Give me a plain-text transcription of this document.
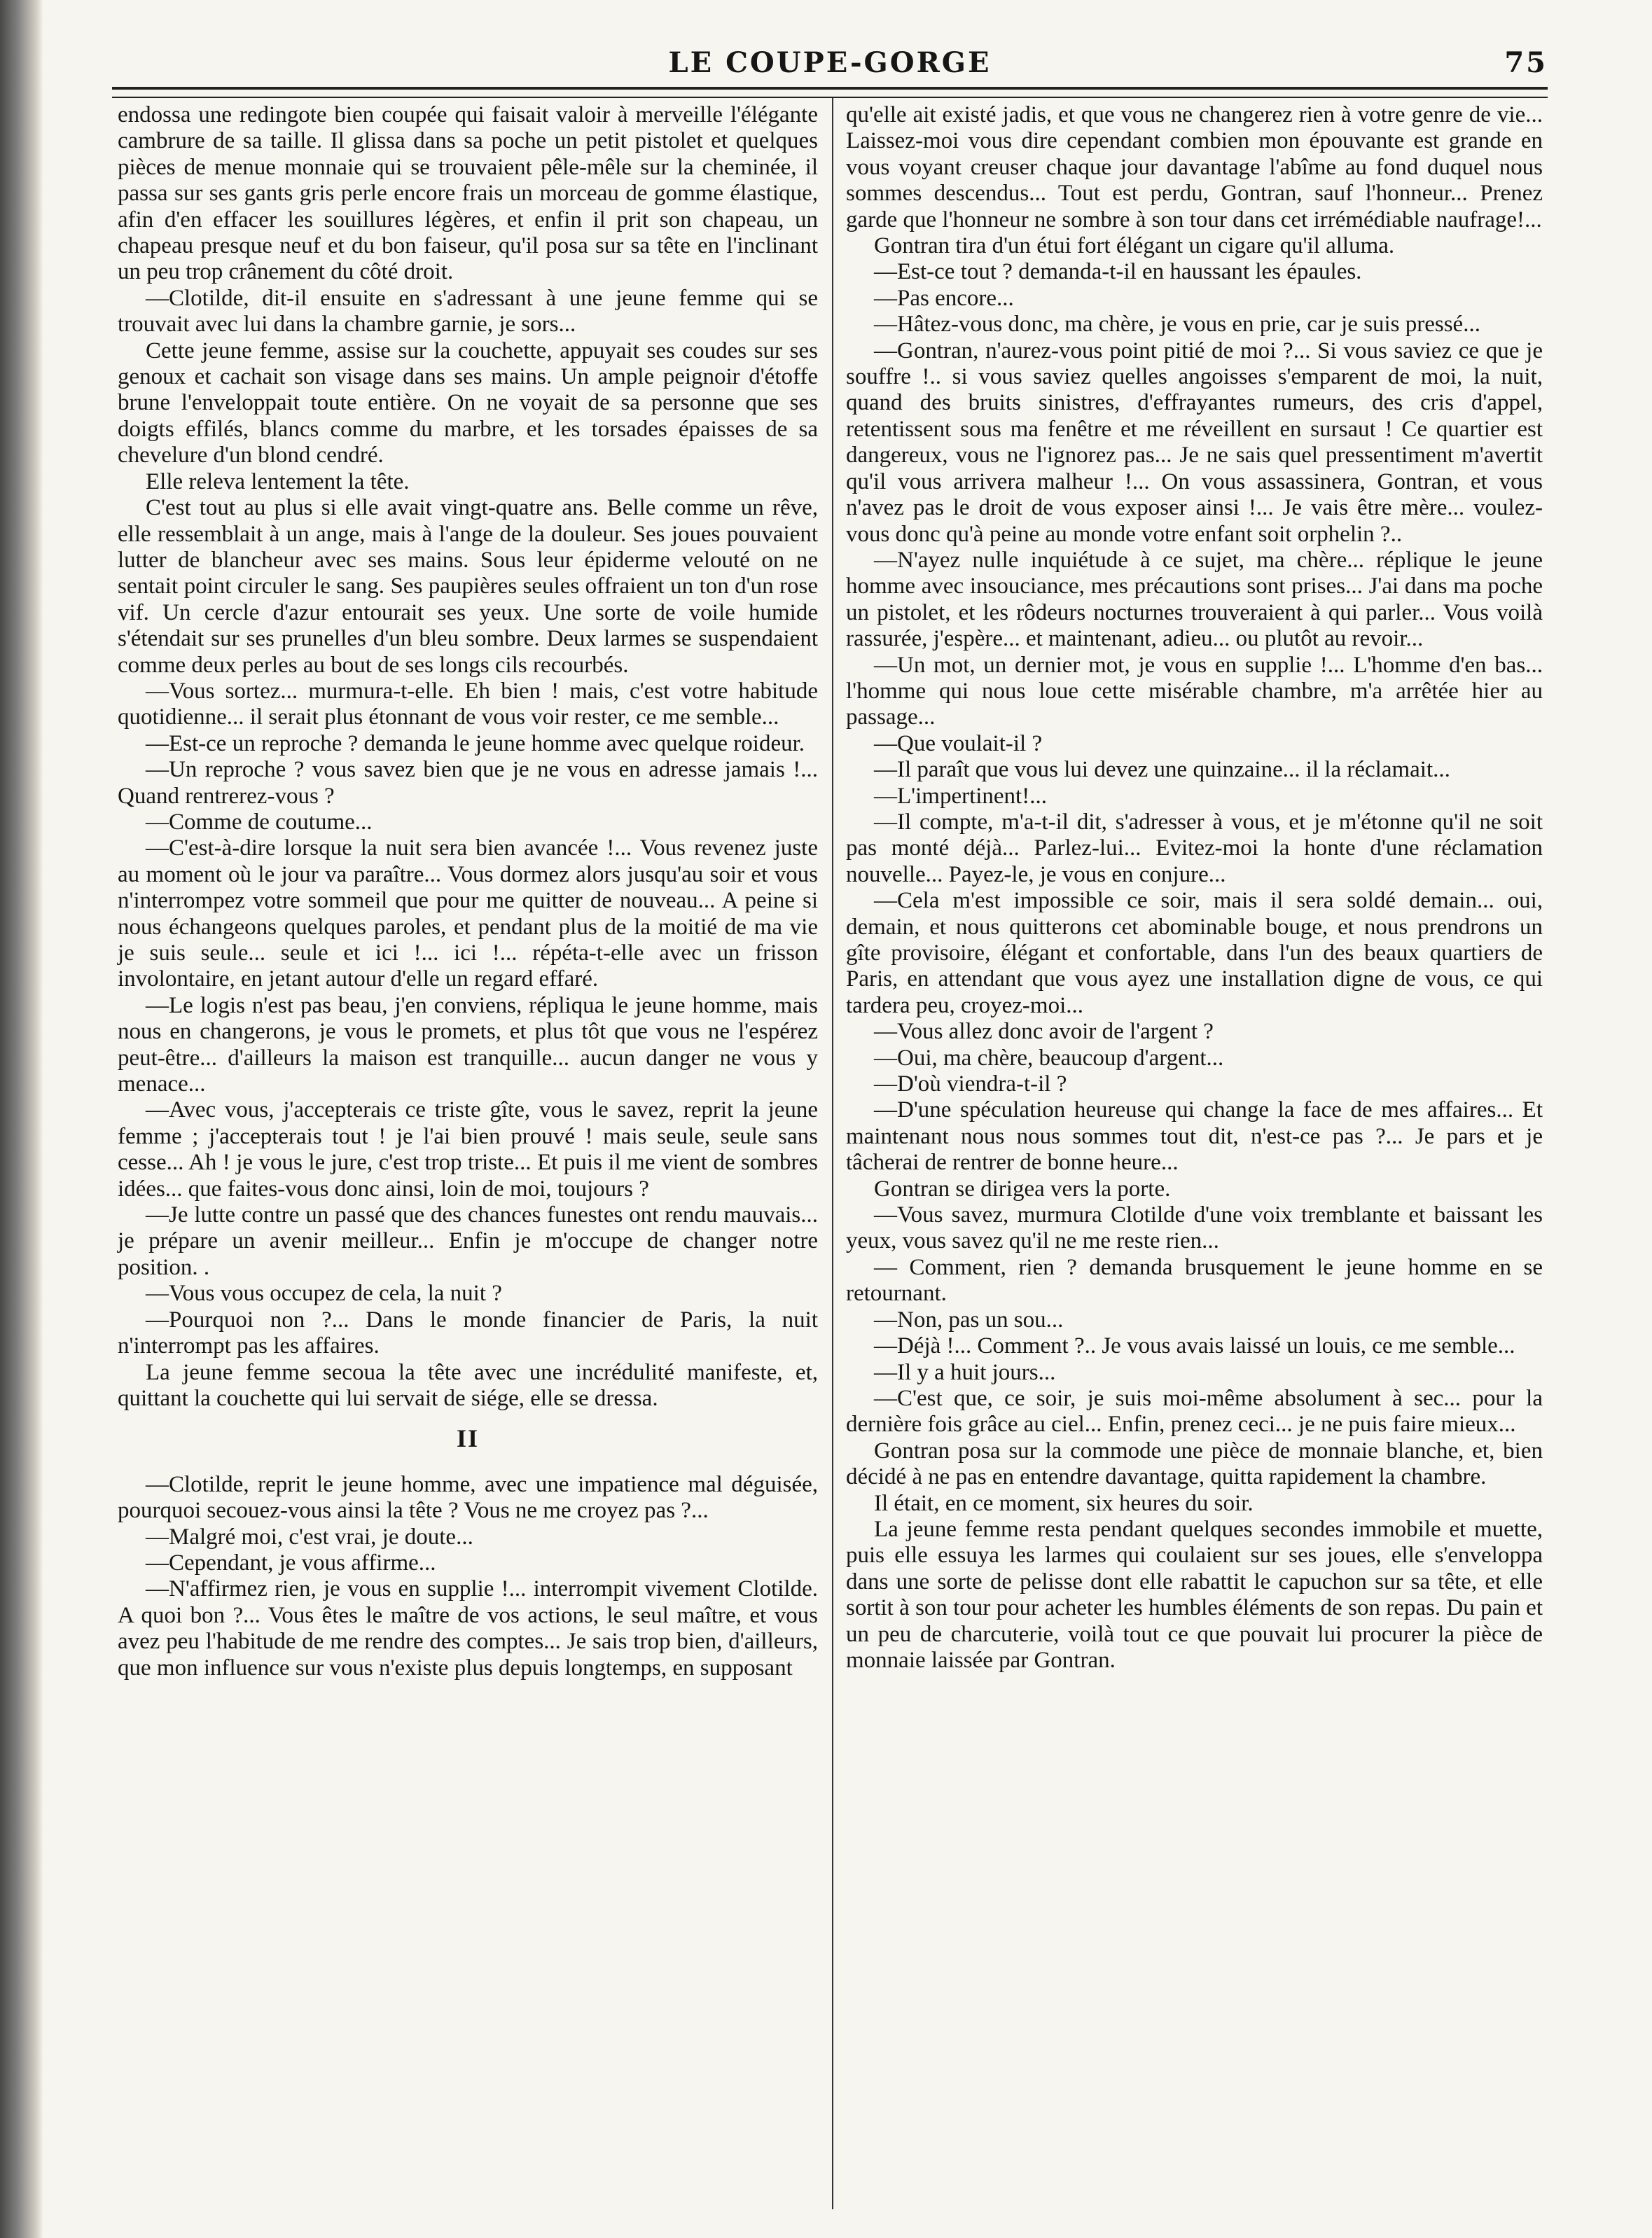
LE COUPE-GORGE	75

endossa une redingote bien coupée qui faisait valoir à merveille l'élégante cambrure de sa taille. Il glissa dans sa poche un petit pistolet et quelques pièces de menue monnaie qui se trouvaient pêle-mêle sur la cheminée, il passa sur ses gants gris perle encore frais un morceau de gomme élastique, afin d'en effacer les souillures légères, et enfin il prit son chapeau, un chapeau presque neuf et du bon faiseur, qu'il posa sur sa tête en l'inclinant un peu trop crânement du côté droit.

—Clotilde, dit-il ensuite en s'adressant à une jeune femme qui se trouvait avec lui dans la chambre garnie, je sors...

Cette jeune femme, assise sur la couchette, appuyait ses coudes sur ses genoux et cachait son visage dans ses mains. Un ample peignoir d'étoffe brune l'enveloppait toute entière. On ne voyait de sa personne que ses doigts effilés, blancs comme du marbre, et les torsades épaisses de sa chevelure d'un blond cendré.

Elle releva lentement la tête.

C'est tout au plus si elle avait vingt-quatre ans. Belle comme un rêve, elle ressemblait à un ange, mais à l'ange de la douleur. Ses joues pouvaient lutter de blancheur avec ses mains. Sous leur épiderme velouté on ne sentait point circuler le sang. Ses paupières seules offraient un ton d'un rose vif. Un cercle d'azur entourait ses yeux. Une sorte de voile humide s'étendait sur ses prunelles d'un bleu sombre. Deux larmes se suspendaient comme deux perles au bout de ses longs cils recourbés.

—Vous sortez... murmura-t-elle. Eh bien ! mais, c'est votre habitude quotidienne... il serait plus étonnant de vous voir rester, ce me semble...

—Est-ce un reproche ? demanda le jeune homme avec quelque roideur.

—Un reproche ? vous savez bien que je ne vous en adresse jamais !... Quand rentrerez-vous ?

—Comme de coutume...

—C'est-à-dire lorsque la nuit sera bien avancée !... Vous revenez juste au moment où le jour va paraître... Vous dormez alors jusqu'au soir et vous n'interrompez votre sommeil que pour me quitter de nouveau... A peine si nous échangeons quelques paroles, et pendant plus de la moitié de ma vie je suis seule... seule et ici !... ici !... répéta-t-elle avec un frisson involontaire, en jetant autour d'elle un regard effaré.

—Le logis n'est pas beau, j'en conviens, répliqua le jeune homme, mais nous en changerons, je vous le promets, et plus tôt que vous ne l'espérez peut-être... d'ailleurs la maison est tranquille... aucun danger ne vous y menace...

—Avec vous, j'accepterais ce triste gîte, vous le savez, reprit la jeune femme ; j'accepterais tout ! je l'ai bien prouvé ! mais seule, seule sans cesse... Ah ! je vous le jure, c'est trop triste... Et puis il me vient de sombres idées... que faites-vous donc ainsi, loin de moi, toujours ?

—Je lutte contre un passé que des chances funestes ont rendu mauvais... je prépare un avenir meilleur... Enfin je m'occupe de changer notre position. .

—Vous vous occupez de cela, la nuit ?

—Pourquoi non ?... Dans le monde financier de Paris, la nuit n'interrompt pas les affaires.

La jeune femme secoua la tête avec une incrédulité manifeste, et, quittant la couchette qui lui servait de siége, elle se dressa.

II

—Clotilde, reprit le jeune homme, avec une impatience mal déguisée, pourquoi secouez-vous ainsi la tête ? Vous ne me croyez pas ?...

—Malgré moi, c'est vrai, je doute...

—Cependant, je vous affirme...

—N'affirmez rien, je vous en supplie !... interrompit vivement Clotilde. A quoi bon ?... Vous êtes le maître de vos actions, le seul maître, et vous avez peu l'habitude de me rendre des comptes... Je sais trop bien, d'ailleurs, que mon influence sur vous n'existe plus depuis longtemps, en supposant

qu'elle ait existé jadis, et que vous ne changerez rien à votre genre de vie... Laissez-moi vous dire cependant combien mon épouvante est grande en vous voyant creuser chaque jour davantage l'abîme au fond duquel nous sommes descendus... Tout est perdu, Gontran, sauf l'honneur... Prenez garde que l'honneur ne sombre à son tour dans cet irrémédiable naufrage!...

Gontran tira d'un étui fort élégant un cigare qu'il alluma.

—Est-ce tout ? demanda-t-il en haussant les épaules.

—Pas encore...

—Hâtez-vous donc, ma chère, je vous en prie, car je suis pressé...

—Gontran, n'aurez-vous point pitié de moi ?... Si vous saviez ce que je souffre !.. si vous saviez quelles angoisses s'emparent de moi, la nuit, quand des bruits sinistres, d'effrayantes rumeurs, des cris d'appel, retentissent sous ma fenêtre et me réveillent en sursaut ! Ce quartier est dangereux, vous ne l'ignorez pas... Je ne sais quel pressentiment m'avertit qu'il vous arrivera malheur !... On vous assassinera, Gontran, et vous n'avez pas le droit de vous exposer ainsi !... Je vais être mère... voulez-vous donc qu'à peine au monde votre enfant soit orphelin ?..

—N'ayez nulle inquiétude à ce sujet, ma chère... réplique le jeune homme avec insouciance, mes précautions sont prises... J'ai dans ma poche un pistolet, et les rôdeurs nocturnes trouveraient à qui parler... Vous voilà rassurée, j'espère... et maintenant, adieu... ou plutôt au revoir...

—Un mot, un dernier mot, je vous en supplie !... L'homme d'en bas... l'homme qui nous loue cette misérable chambre, m'a arrêtée hier au passage...

—Que voulait-il ?

—Il paraît que vous lui devez une quinzaine... il la réclamait...

—L'impertinent!...

—Il compte, m'a-t-il dit, s'adresser à vous, et je m'étonne qu'il ne soit pas monté déjà... Parlez-lui... Evitez-moi la honte d'une réclamation nouvelle... Payez-le, je vous en conjure...

—Cela m'est impossible ce soir, mais il sera soldé demain... oui, demain, et nous quitterons cet abominable bouge, et nous prendrons un gîte provisoire, élégant et confortable, dans l'un des beaux quartiers de Paris, en attendant que vous ayez une installation digne de vous, ce qui tardera peu, croyez-moi...

—Vous allez donc avoir de l'argent ?

—Oui, ma chère, beaucoup d'argent...

—D'où viendra-t-il ?

—D'une spéculation heureuse qui change la face de mes affaires... Et maintenant nous nous sommes tout dit, n'est-ce pas ?... Je pars et je tâcherai de rentrer de bonne heure...

Gontran se dirigea vers la porte.

—Vous savez, murmura Clotilde d'une voix tremblante et baissant les yeux, vous savez qu'il ne me reste rien...

— Comment, rien ? demanda brusquement le jeune homme en se retournant.

—Non, pas un sou...

—Déjà !... Comment ?.. Je vous avais laissé un louis, ce me semble...

—Il y a huit jours...

—C'est que, ce soir, je suis moi-même absolument à sec... pour la dernière fois grâce au ciel... Enfin, prenez ceci... je ne puis faire mieux...

Gontran posa sur la commode une pièce de monnaie blanche, et, bien décidé à ne pas en entendre davantage, quitta rapidement la chambre.

Il était, en ce moment, six heures du soir.

La jeune femme resta pendant quelques secondes immobile et muette, puis elle essuya les larmes qui coulaient sur ses joues, elle s'enveloppa dans une sorte de pelisse dont elle rabattit le capuchon sur sa tête, et elle sortit à son tour pour acheter les humbles éléments de son repas. Du pain et un peu de charcuterie, voilà tout ce que pouvait lui procurer la pièce de monnaie laissée par Gontran.
